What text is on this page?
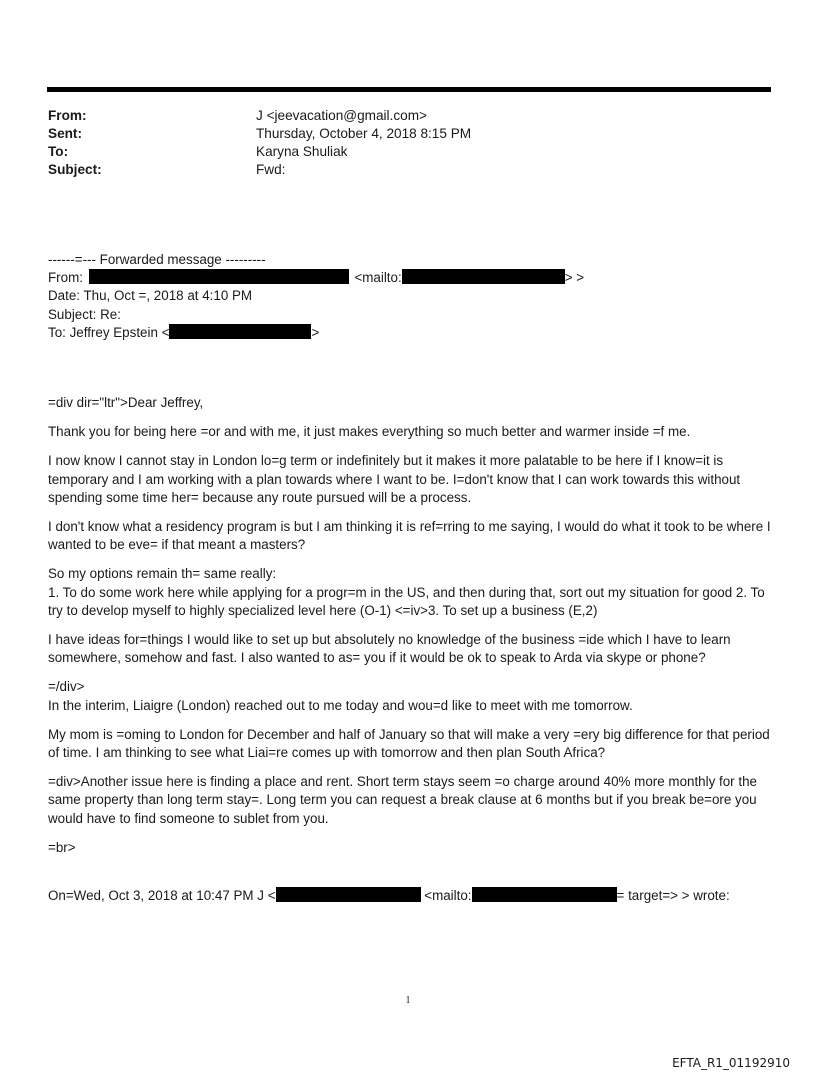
From:	J <jeevacation@gmail.com>
Sent:	Thursday, October 4, 2018 8:15 PM
To:	Karyna Shuliak
Subject:	Fwd:
------=--- Forwarded message ---------
From:	<mailto:	> >
Date: Thu, Oct =, 2018 at 4:10 PM
Subject: Re:
To: Jeffrey Epstein <	>

=div dir="ltr">Dear Jeffrey,

Thank you for being here =or and with me, it just makes everything so much better and warmer inside =f me.

I now know I cannot stay in London lo=g term or indefinitely but it makes it more palatable to be here if I know=it is temporary and I am working with a plan towards where I want to be. I=don't know that I can work towards this without spending some time her= because any route pursued will be a process.

I don't know what a residency program is but I am thinking it is ref=rring to me saying, I would do what it took to be where I wanted to be eve= if that meant a masters?

So my options remain th= same really:

1. To do some work here while applying for a progr=m in the US, and then during that, sort out my situation for good 2. To try to develop myself to highly specialized level here (O-1) <=iv>3. To set up a business (E,2)

I have ideas for=things I would like to set up but absolutely no knowledge of the business =ide which I have to learn somewhere, somehow and fast. I also wanted to as= you if it would be ok to speak to Arda via skype or phone?

=/div>

In the interim, Liaigre (London) reached out to me today and wou=d like to meet with me tomorrow.

My mom is =oming to London for December and half of January so that will make a very =ery big difference for that period of time. I am thinking to see what Liai=re comes up with tomorrow and then plan South Africa?

=div>Another issue here is finding a place and rent. Short term stays seem =o charge around 40% more monthly for the same property than long term stay=. Long term you can request a break clause at 6 months but if you break be=ore you would have to find someone to sublet from you.

=br>

On=Wed, Oct 3, 2018 at 10:47 PM J <	<mailto:	= target=> > wrote:

1
EFTA_R1_01192910
